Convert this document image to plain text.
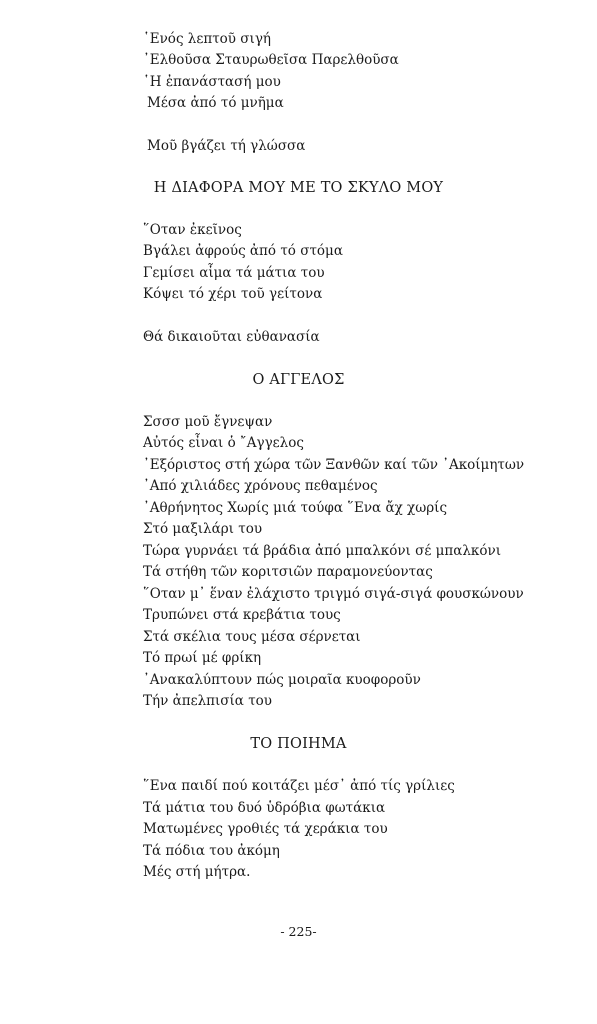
῾Ενός λεπτοῦ σιγή
᾿Ελθοῦσα Σταυρωθεῖσα Παρελθοῦσα
῾Η ἐπανάστασή μου
Μέσα ἀπό τό μνῆμα
Μοῦ βγάζει τή γλώσσα
Η ΔΙΑΦΟΡΑ ΜΟΥ ΜΕ ΤΟ ΣΚΥΛΟ ΜΟΥ
῞Οταν ἐκεῖνος
Βγάλει ἀφρούς ἀπό τό στόμα
Γεμίσει αἷμα τά μάτια του
Κόψει τό χέρι τοῦ γείτονα
Θά δικαιοῦται εὐθανασία
Ο ΑΓΓΕΛΟΣ
Σσσσ μοῦ ἔγνεψαν
Αὐτός εἶναι ὁ ῎Αγγελος
᾿Εξόριστος στή χώρα τῶν Ξανθῶν καί τῶν ᾿Ακοίμητων
᾿Από χιλιάδες χρόνους πεθαμένος
᾿Αθρήνητος Χωρίς μιά τούφα ῞Ενα ἄχ χωρίς
Στό μαξιλάρι του
Τώρα γυρνάει τά βράδια ἀπό μπαλκόνι σέ μπαλκόνι
Τά στήθη τῶν κοριτσιῶν παραμονεύοντας
῞Οταν μ᾿ ἕναν ἐλάχιστο τριγμό σιγά-σιγά φουσκώνουν
Τρυπώνει στά κρεβάτια τους
Στά σκέλια τους μέσα σέρνεται
Τό πρωί μέ φρίκη
᾿Ανακαλύπτουν πώς μοιραῖα κυοφοροῦν
Τήν ἀπελπισία του
ΤΟ ΠΟΙΗΜΑ
῞Ενα παιδί πού κοιτάζει μέσ᾿ ἀπό τίς γρίλιες
Τά μάτια του δυό ὑδρόβια φωτάκια
Ματωμένες γροθιές τά χεράκια του
Τά πόδια του ἀκόμη
Μές στή μήτρα.
- 225-
